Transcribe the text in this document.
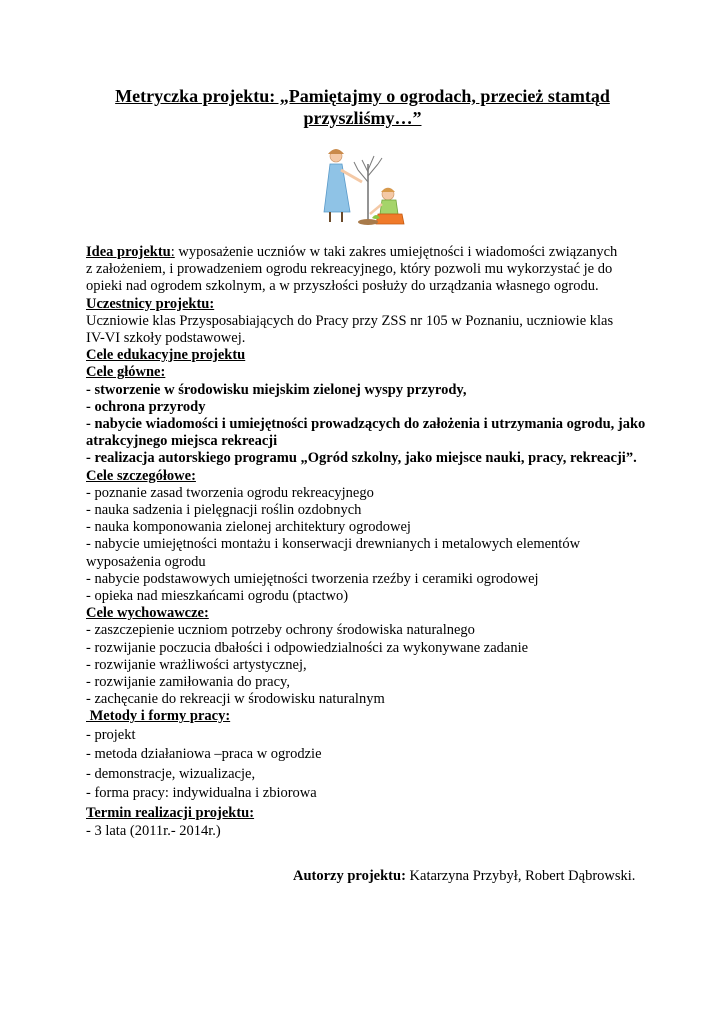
Metryczka projektu: „Pamiętajmy o ogrodach, przecież stamtąd
przyszliśmy…”

Idea projektu: wyposażenie uczniów w taki zakres umiejętności i wiadomości związanych

z założeniem, i prowadzeniem ogrodu rekreacyjnego, który pozwoli mu wykorzystać je do

opieki nad ogrodem szkolnym, a w przyszłości posłuży do urządzania własnego ogrodu.

Uczestnicy projektu:

Uczniowie klas Przysposabiających do Pracy przy ZSS nr 105 w Poznaniu, uczniowie klas

IV-VI szkoły podstawowej.

Cele edukacyjne projektu

Cele główne:

- stworzenie w środowisku miejskim zielonej wyspy przyrody,

- ochrona przyrody

- nabycie wiadomości i umiejętności prowadzących do założenia i utrzymania ogrodu, jako

atrakcyjnego miejsca rekreacji

- realizacja autorskiego programu „Ogród szkolny, jako miejsce nauki, pracy, rekreacji”.

Cele szczegółowe:

- poznanie zasad tworzenia ogrodu rekreacyjnego

- nauka sadzenia i pielęgnacji roślin ozdobnych

- nauka komponowania zielonej architektury ogrodowej

- nabycie umiejętności montażu i konserwacji drewnianych i metalowych elementów

wyposażenia ogrodu

- nabycie podstawowych umiejętności tworzenia rzeźby i ceramiki ogrodowej

- opieka nad mieszkańcami ogrodu (ptactwo)

Cele wychowawcze:

- zaszczepienie uczniom potrzeby ochrony środowiska naturalnego

- rozwijanie poczucia dbałości i odpowiedzialności za wykonywane zadanie

- rozwijanie wrażliwości artystycznej,

- rozwijanie zamiłowania do pracy,

- zachęcanie do rekreacji w środowisku naturalnym

Metody i formy pracy:

- projekt

- metoda działaniowa –praca w ogrodzie

- demonstracje, wizualizacje,

- forma pracy: indywidualna i zbiorowa

Termin realizacji projektu:

- 3 lata (2011r.- 2014r.)

Autorzy projektu: Katarzyna Przybył, Robert Dąbrowski.
